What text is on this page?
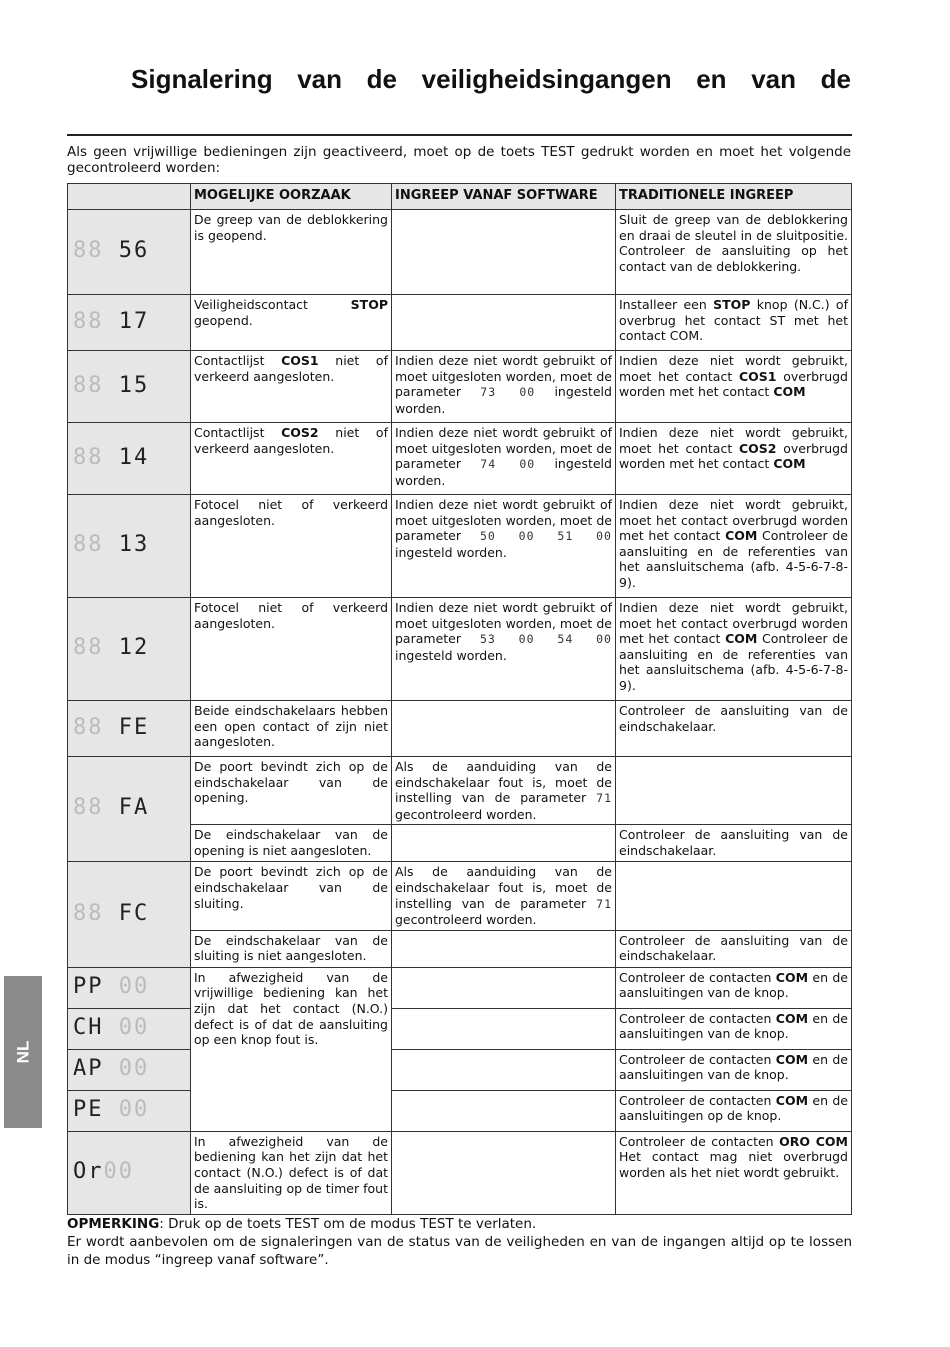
Signalering van de veiligheidsingangen en van de

Als geen vrijwillige bedieningen zijn geactiveerd, moet op de toets TEST gedrukt worden en moet het volgende gecontroleerd worden:

	MOGELIJKE OORZAAK	INGREEP VANAF SOFTWARE	TRADITIONELE INGREEP
88 56	De greep van de deblokkering is geopend.		Sluit de greep van de deblokkering en draai de sleutel in de sluitpositie. Controleer de aansluiting op het contact van de deblokkering.
88 17	Veiligheidscontact STOP geopend.		Installeer een STOP knop (N.C.) of overbrug het contact ST met het contact COM.
88 15	Contactlijst COS1 niet of verkeerd aangesloten.	Indien deze niet wordt gebruikt of moet uitgesloten worden, moet de parameter 73 00 ingesteld worden.	Indien deze niet wordt gebruikt, moet het contact COS1 overbrugd worden met het contact COM
88 14	Contactlijst COS2 niet of verkeerd aangesloten.	Indien deze niet wordt gebruikt of moet uitgesloten worden, moet de parameter 74 00 ingesteld worden.	Indien deze niet wordt gebruikt, moet het contact COS2 overbrugd worden met het contact COM
88 13	Fotocel niet of verkeerd aangesloten.	Indien deze niet wordt gebruikt of moet uitgesloten worden, moet de parameter 50 00 51 00 ingesteld worden.	Indien deze niet wordt gebruikt, moet het contact overbrugd worden met het contact COM Controleer de aansluiting en de referenties van het aansluitschema (afb. 4-5-6-7-8-9).
88 12	Fotocel niet of verkeerd aangesloten.	Indien deze niet wordt gebruikt of moet uitgesloten worden, moet de parameter 53 00 54 00 ingesteld worden.	Indien deze niet wordt gebruikt, moet het contact overbrugd worden met het contact COM Controleer de aansluiting en de referenties van het aansluitschema (afb. 4-5-6-7-8-9).
88 FE	Beide eindschakelaars hebben een open contact of zijn niet aangesloten.		Controleer de aansluiting van de eindschakelaar.
88 FA	De poort bevindt zich op de eindschakelaar van de opening.	Als de aanduiding van de eindschakelaar fout is, moet de instelling van de parameter 71 gecontroleerd worden.	
	De eindschakelaar van de opening is niet aangesloten.		Controleer de aansluiting van de eindschakelaar.
88 FC	De poort bevindt zich op de eindschakelaar van de sluiting.	Als de aanduiding van de eindschakelaar fout is, moet de instelling van de parameter 71 gecontroleerd worden.	
	De eindschakelaar van de sluiting is niet aangesloten.		Controleer de aansluiting van de eindschakelaar.
PP 00	In afwezigheid van de vrijwillige bediening kan het zijn dat het contact (N.O.) defect is of dat de aansluiting op een knop fout is.		Controleer de contacten COM en de aansluitingen van de knop.
CH 00			Controleer de contacten COM en de aansluitingen van de knop.
AP 00			Controleer de contacten COM en de aansluitingen van de knop.
PE 00			Controleer de contacten COM en de aansluitingen op de knop.
Or00	In afwezigheid van de bediening kan het zijn dat het contact (N.O.) defect is of dat de aansluiting op de timer fout is.		Controleer de contacten ORO COM Het contact mag niet overbrugd worden als het niet wordt gebruikt.
NL

OPMERKING: Druk op de toets TEST om de modus TEST te verlaten.

Er wordt aanbevolen om de signaleringen van de status van de veiligheden en van de ingangen altijd op te lossen in de modus “ingreep vanaf software”.
